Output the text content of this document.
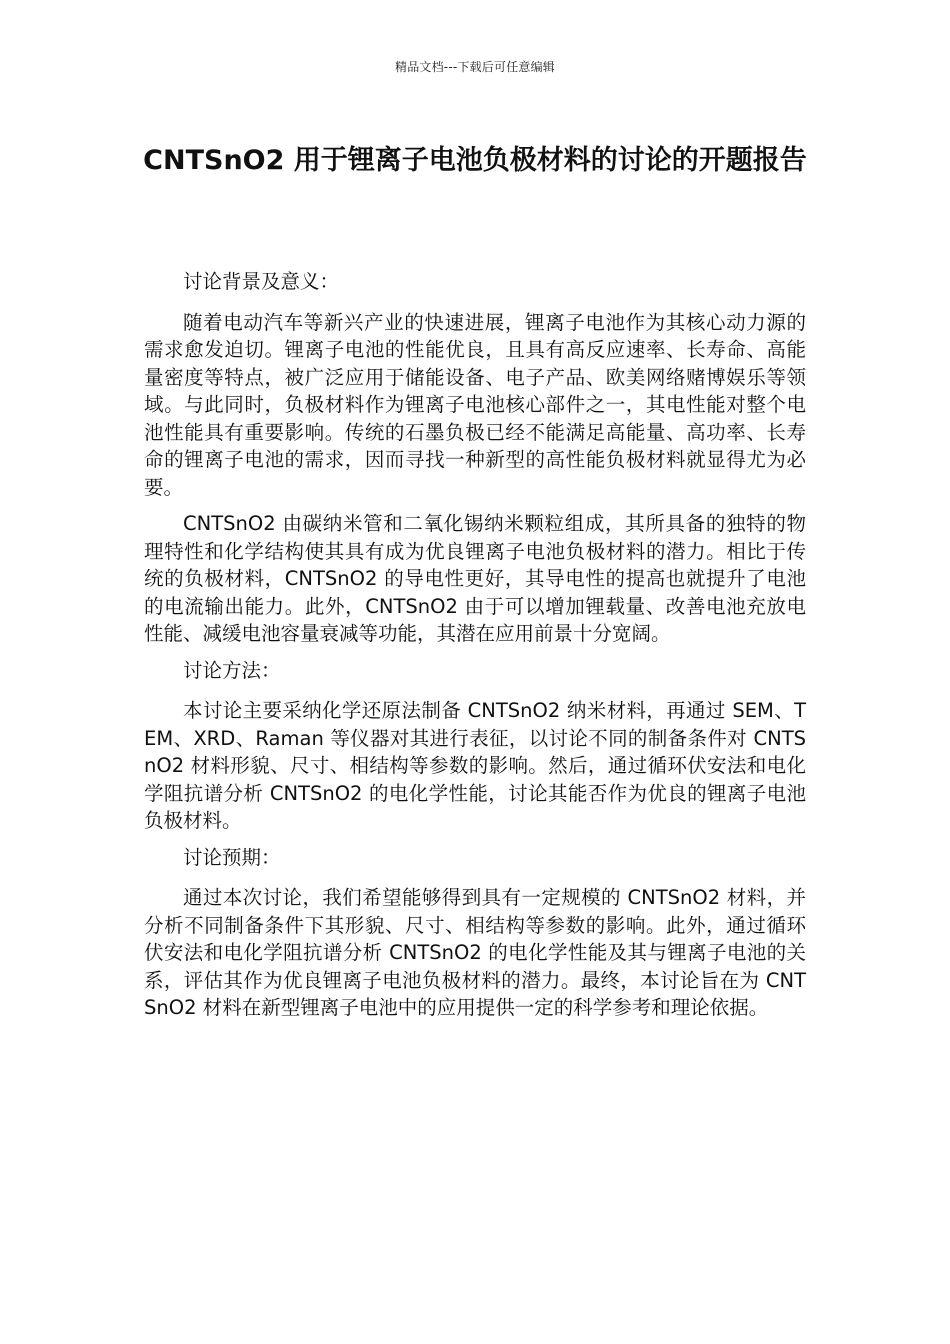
精品文档---下载后可任意编辑
CNTSnO2 用于锂离子电池负极材料的讨论的开题报告

讨论背景及意义：

随着电动汽车等新兴产业的快速进展，锂离子电池作为其核心动力源的需求愈发迫切。锂离子电池的性能优良，且具有高反应速率、长寿命、高能量密度等特点，被广泛应用于储能设备、电子产品、欧美网络赌博娱乐等领域。与此同时，负极材料作为锂离子电池核心部件之一，其电性能对整个电池性能具有重要影响。传统的石墨负极已经不能满足高能量、高功率、长寿命的锂离子电池的需求，因而寻找一种新型的高性能负极材料就显得尤为必要。

CNTSnO2 由碳纳米管和二氧化锡纳米颗粒组成，其所具备的独特的物理特性和化学结构使其具有成为优良锂离子电池负极材料的潜力。相比于传统的负极材料，CNTSnO2 的导电性更好，其导电性的提高也就提升了电池的电流输出能力。此外，CNTSnO2 由于可以增加锂载量、改善电池充放电性能、减缓电池容量衰减等功能，其潜在应用前景十分宽阔。

讨论方法：

本讨论主要采纳化学还原法制备 CNTSnO2 纳米材料，再通过 SEM、TEM、XRD、Raman 等仪器对其进行表征，以讨论不同的制备条件对 CNTSnO2 材料形貌、尺寸、相结构等参数的影响。然后，通过循环伏安法和电化学阻抗谱分析 CNTSnO2 的电化学性能，讨论其能否作为优良的锂离子电池负极材料。

讨论预期：

通过本次讨论，我们希望能够得到具有一定规模的 CNTSnO2 材料，并分析不同制备条件下其形貌、尺寸、相结构等参数的影响。此外，通过循环伏安法和电化学阻抗谱分析 CNTSnO2 的电化学性能及其与锂离子电池的关系，评估其作为优良锂离子电池负极材料的潜力。最终，本讨论旨在为 CNTSnO2 材料在新型锂离子电池中的应用提供一定的科学参考和理论依据。
